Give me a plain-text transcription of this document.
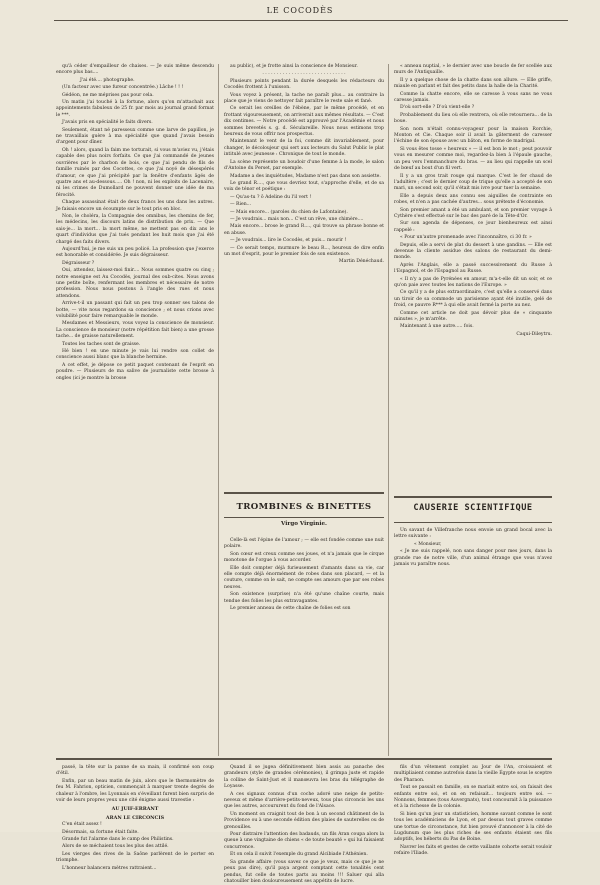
LE COCODÈS

qu'à céder d'empailleur de chaises. — Je suis même descendu encore plus bas....

J'ai été.... photographe.

(Un facteur avec une fureur concentrée.) Lâche ! ! !

Gédéon, ne me méprises pas pour cela.

Un matin j'ai touché à la fortune, alors qu'on m'attachait aux appointements fabuleux de 25 fr. par mois au journal grand format le ***.

J'avais pris en spécialité le faits divers.

Seulement, étant né paresseux comme une larve de papillon, je ne travaillais guère à ma spécialité que quand j'avais besoin d'argent pour dîner.

Oh ! alors, quand la faim me torturait, si vous m'aviez vu, j'étais capable des plus noirs forfaits. Ce que j'ai commandé de jeunes ouvrières par le charbon de bois, ce que j'ai pendu de fils de famille ruinés par des Cocottes, ce que j'ai noyé de désespérés d'amour, ce que j'ai précipité par la fenêtre d'enfants âgés de quatre ans et au-dessous..... Oh ! non, ni les exploits de Lacenaire, ni les crimes de Dumollard ne pouvent donner une idée de ma férocité.

Chaque assassinat était de deux francs les uns dans les autres. Je faisais encore un écoumpte sur le tout pris en bloc.

Non, le choléra, la Compagnie des omnibus, les chemins de fer, les médecins, les discours latins de distribution de prix. — Que sais-je... la mort... la mort même, ne mettent pas en dix ans le quart d'individus que j'ai tués pendant les huit mois que j'ai été chargé des faits divers.

Aujourd'hui, je me suis un peu policé. La profession que j'exerce est honorable et considérée. Je suis dégraisseur.

Dégraisseur ?

Oui, attendez, laissez-moi finir.... Nous sommes quatre ou cinq ; notre enseigne est Au Cocodès, journal des oub-cites. Nous avons une petite boîte, renfermant les membres et nécessaire de notre profession. Nous nous postons à l'angle des rues et nous attendons.

Arrive-t-il un passant qui fait un peu trop sonner ses talons de botte, — vite nous regardons sa conscience ; et nous crions avec volubilité pour faire remarquable le monde.

Mesdames et Messieurs, vous voyez la conscience de monsieur. La conscience de monsieur (notre répétition fait bien) a une grosse tache... de graisse naturellement.

Toutes les taches sont de graisse.

Hé bien ! en une minute je vais lui rendre son collet de conscience aussi blanc que la blanche hermine.

A cet effet, je dépose ce petit paquet contenant de l'esprit en poudre. — Plusieurs de ma salive de journaliste cette brosse à ongles (ici je montre la brosse

au public), et je frotte ainsi la conscience de Monsieur.

. . . . . . . . . . . . . . . . . . . . . . . . . . . . .

Plusieurs points pendant la durée desquels les rédacteurs du Cocodès frottent à l'unisson.

Vous voyez à présent, la tache ne paraît plus... au contraire la place que je viens de nettoyer fait paraître le reste sale et fané.

Ce serait les oreilles de l'ébène, par le même procédé, et en frottant vigoureusement, on arriverait aux mêmes résultats. — C'est dix centimes. — Notre procédé est approuvé par l'Académie et nous sommes brevetés s. g. d. Séculareille. Nous nous estimons trop heureux de vous offrir nos prospectus.

Maintenant le vent de la foi, comme dit invariablement, pour changer, le décoloujeur qui sert aux lecteurs du Salut Public le plat intitulé avec jeunesse : Chronique de tout le monde.

La scène représente un boudoir d'une femme à la mode, le salon d'Antoine du Perset, par exemple.

Madame a des inquiétudes, Madame n'est pas dans son assiette.

Le grand R...., que vous devriez tout, s'approche d'elle, et de sa voix de ténor et poétique :

— Qu'as-tu ? ô Adeline du l'il vert !

— Rien...

— Mais encore... (paroles du chien de Lafontaine).

— Je voudrais... mais non... C'est un rêve, une chimère....

Mais encore... brose le grand R...., qui trouve sa phrase bonne et en abuse.

— Je voudrais... lire le Cocodès, et puis... mourir !

— Ce serait temps, murmure le beau R..., heureux de dire enfin un mot d'esprit, pour le premier fois de son existence.

Martin Dénéchaud.

« anneau nuptial, » le dernier avec une boucle de fer scellée aux murs de l'Antiquaille.

Il y a quelque chose de la chatte dans son allure. — Elle griffe, miaule en parlant et fait des petits dans la halle de la Charité.

Comme la chatte encore, elle se caresse à vous sans ne vous caresse jamais.

D'où sort-elle ? D'où vient-elle ?

Probablement du lieu où elle rentrera, où elle retournera... de la boue.

Son nom n'était connu-voyageur pour la maison Rorchie, Monton et Cie. Chaque soir il avait la gâterment de caresser l'échine de son épouse avec un bâton, en forme de madrigal.

Si vous êtes tosse « heureux » — il est bon le mot ; peut pouvoir vous en mesurer comme moi, regardez-la bien à l'épaule gauche, un peu vers l'emmanchure du bras. — au lieu qui rappelle un scel de bœuf au bout d'un fil vert.

Il y a un gros trait rouge qui marque. C'est le fer chaud de l'adultère ; c'est le dernier coup de trique qu'elle a accepté de son mari, un second soir, qu'il s'était mis ivre pour tuer la semaine.

Elle a depuis deux ans connu ses aiguilles de contrainte en robes, et n'en a pas cachée d'autres... sous prétexte d'économie.

Son premier amant a été un ambulant, et son premier voyage à Cythère s'est effectué sur le bac des paré de la Tête-d'Or.

Sur son agenda de dépenses, ce jour bienheureux est ainsi rappelé :

« Pour un'autre promenade avec l'inconnaître, ci 30 fr. »

Depuis, elle a servi de plat du dessert à une gandins. — Elle est devenue la cliente assidue des salons de restaurant du demi-monde.

Après l'Anglais, elle a passé successivement du Russe à l'Espagnol, et de l'Espagnol au Russe.

« Il n'y a pas de Pyrénées en amour, m'a-t-elle dit un soir, et ce qu'on paie avec toutes les nations de l'Europe. »

Ce qu'il y a de plus extraordinaire, c'est qu'elle a conservé dans un tiroir de sa commode un parisienne ayant été inutile, gelé de froid, ce pauvre R*** à qui elle avait fermé la porte au nez.

Comme cet article ne doit pas dévoir plus de « cinquante minutes », je m'arrête.

Maintenant à une autre..... fois.

Caqui-Dileytru.

TROMBINES & BINETTES
Virgo Virginie.

Celle-là est l'épine de l'amour ; — elle est fondée comme une nuit polaire.

Son cœur est creux comme ses joues, et n'a jamais que le cirque monotone de l'orgue à vous accorder.

Elle doit compter déjà furieusement d'amants dans sa vie, car elle compte déjà énormément de robes dans son placard, — et la couture, comme on le sait, ne compte ses amours que par ses robes neuves.

Son existence (surprise) n'a été qu'une chaîne courte, mais tendue des folies les plus extravagantes.

Le premier anneau de cette chaîne de folies est son

CAUSERIE SCIENTIFIQUE

Un savant de Villefranche nous envoie un grand bocal avec la lettre suivante :

« Monsieur,

« Je me suis rappelé, non sans danger pour mes jours, dans la grande rue de notre ville, d'un animal étrange que vous n'avez jamais vu paraître nous.

passé, la tête sur la panne de sa main, il confirmé son coup d'ëtil.

Enfin, par un beau matin de juin, alors que le thermomètre de feu M. Fahrion, opticien, commençait à marquer trente degrés de chaleur à l'ombre, les Lyonnais en s'éveillant furent bien surpris de voir de leurs propres yeux une cité énigme aussi travestie :

AU JUIF-ERRANT
ARAN LE CIRCONCIS

C'en était assez !

Désormais, sa fortune était faite.

Grande fut l'alarme dans le camp des Philistins.

Alors de se méchaient tous les plus des attilé.

Les vierges des rives de la Saône parlèrent de le porter en triomphe.

L'honneur balancera mètres rattraient...

Quand il se jugea définitivement bien assis au panache des grandeurs (style de grandes cérémonies), il grimpa juste et rapide la colline de Saint-Just et il manœuvra les bras du télégraphe de Loyasse.

A ces signaux connus d'un coche adoré une neige de petits-neveux et même d'arrière-petits-neveux, tous plus circoncis les uns que les autres, accoururent du fond de l'Alsace.

Un moment on craignit tout de bon à un second châtiment de la Providence ou à une seconde édition des plaies de sauterelles ou de grenouilles.

Pour distraire l'attention des badauds, un fils Aran coupa alors la queue à une vingtaine de chiens « de toute beauté » qui lui faisaient concurrence.

Et on cela il suivit l'exemple du grand Alcibiade l'Athénien.

Sa grande affaire (vous savez ce que je veux, mais ce que je ne peux pas dire), qu'il paya argent comptant cette tonalités cent pendus, fut celle de toutes parts au moins !!! Saluer qui alla chatouiller bien douloureusement ses appétits de lucre.

fils d'un vêtement complet au Jour de l'An, croissaient et multipliaient comme autrefois dans la vieille Égypte sous le sceptre des Pharaon.

Tout se passait en famille, on se mariait entre soi, on faisait des enfants entre soi, et on en refaisait... toujours entre soi. — Nonnons, femmes (tous Auvergnats), tout concourait à la puissance et à la richesse de la colonie.

Si bien qu'un jour un statisticien, homme savant comme le sont tous les académiciens de Lyon, et par dessus tout graves comme une tortue de circonstance, fut bien prouvé d'annoncer à la cité de Lugdunum que les plus riches de ses enfants étaient ses fils adoptifs, les héberts du Pas de Boine.

Navrer les faits et gestes de cette vaillante cohorte serait vouloir refaire l'Iliade.
